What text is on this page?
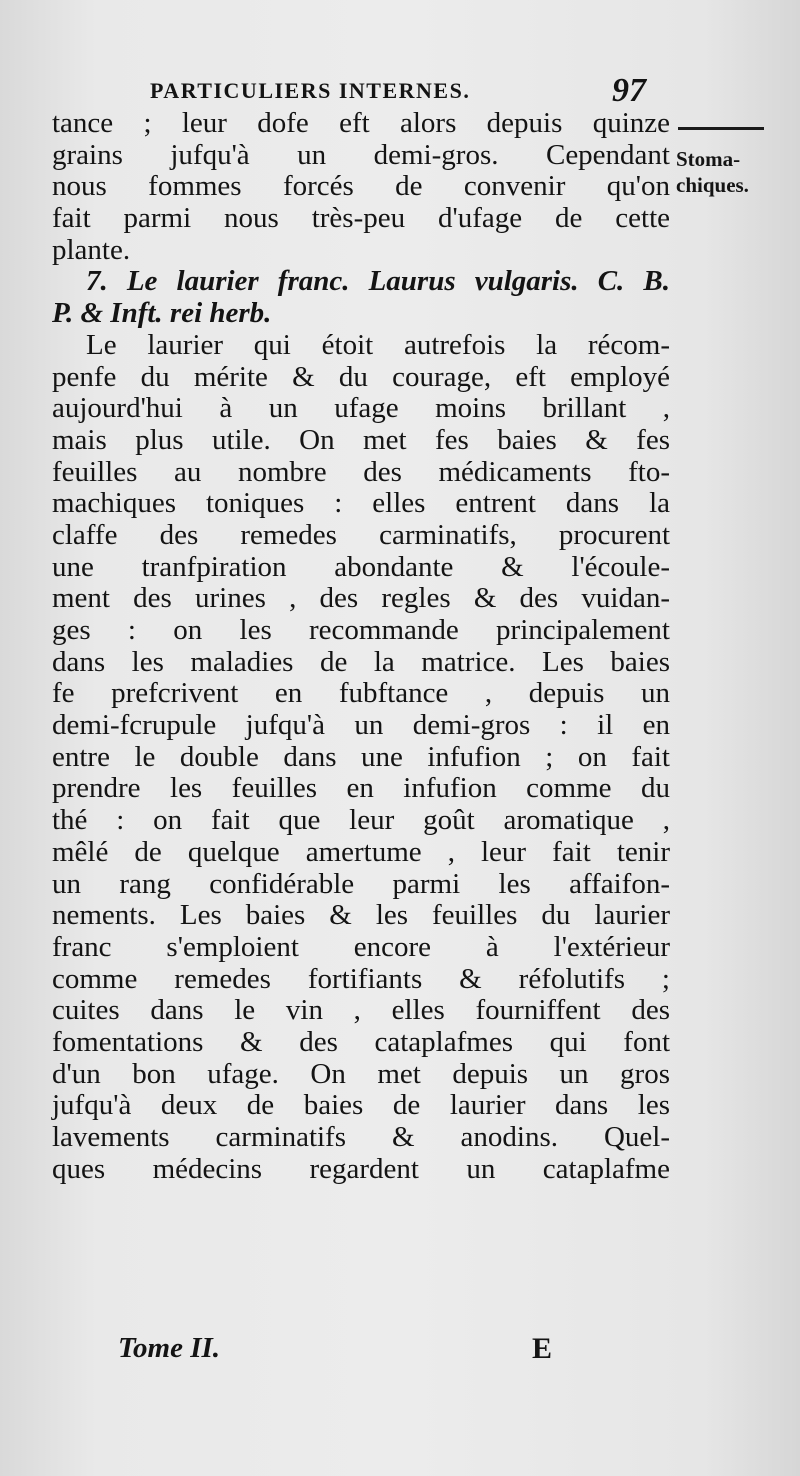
PARTICULIERS INTERNES.	97
Stoma-
chiques.
tance ; leur dofe eft alors depuis quinze
grains jufqu'à un demi-gros. Cependant
nous fommes forcés de convenir qu'on
fait parmi nous très-peu d'ufage de cette
plante.
7. Le laurier franc. Laurus vulgaris. C. B.
P. & Inft. rei herb.
Le laurier qui étoit autrefois la récom-
penfe du mérite & du courage, eft employé
aujourd'hui à un ufage moins brillant ,
mais plus utile. On met fes baies & fes
feuilles au nombre des médicaments fto-
machiques toniques : elles entrent dans la
claffe des remedes carminatifs, procurent
une tranfpiration abondante & l'écoule-
ment des urines , des regles & des vuidan-
ges : on les recommande principalement
dans les maladies de la matrice. Les baies
fe prefcrivent en fubftance , depuis un
demi-fcrupule jufqu'à un demi-gros : il en
entre le double dans une infufion ; on fait
prendre les feuilles en infufion comme du
thé : on fait que leur goût aromatique ,
mêlé de quelque amertume , leur fait tenir
un rang confidérable parmi les affaifon-
nements. Les baies & les feuilles du laurier
franc s'emploient encore à l'extérieur
comme remedes fortifiants & réfolutifs ;
cuites dans le vin , elles fourniffent des
fomentations & des cataplafmes qui font
d'un bon ufage. On met depuis un gros
jufqu'à deux de baies de laurier dans les
lavements carminatifs & anodins. Quel-
ques médecins regardent un cataplafme
Tome II.	E
